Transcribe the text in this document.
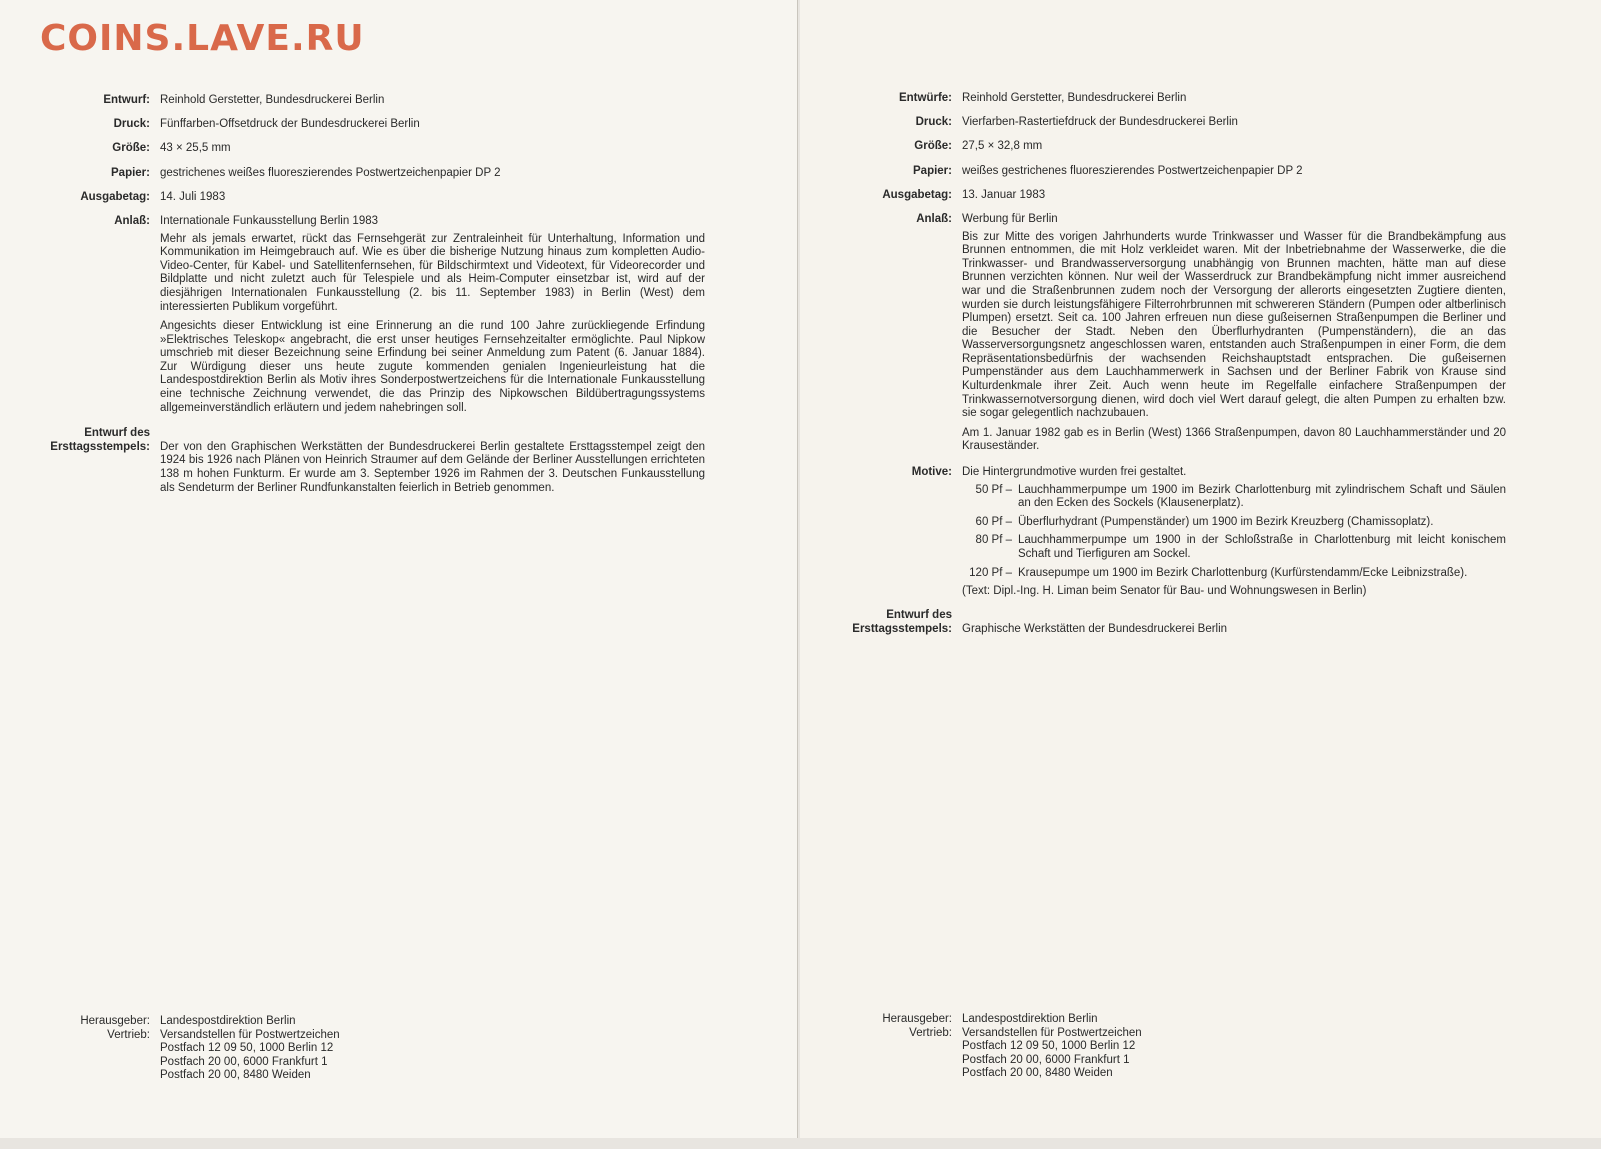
COINS.LAVE.RU
Entwurf: Reinhold Gerstetter, Bundesdruckerei Berlin
Druck: Fünffarben-Offsetdruck der Bundesdruckerei Berlin
Größe: 43 × 25,5 mm
Papier: gestrichenes weißes fluoreszierendes Postwertzeichenpapier DP 2
Ausgabetag: 14. Juli 1983
Anlaß: Internationale Funkausstellung Berlin 1983

Mehr als jemals erwartet, rückt das Fernsehgerät zur Zentraleinheit für Unterhaltung, Information und Kommunikation im Heimgebrauch auf. Wie es über die bisherige Nutzung hinaus zum kompletten Audio-Video-Center, für Kabel- und Satellitenfernsehen, für Bildschirmtext und Videotext, für Videorecorder und Bildplatte und nicht zuletzt auch für Telespiele und als Heim-Computer einsetzbar ist, wird auf der diesjährigen Internationalen Funkausstellung (2. bis 11. September 1983) in Berlin (West) dem interessierten Publikum vorgeführt.

Angesichts dieser Entwicklung ist eine Erinnerung an die rund 100 Jahre zurückliegende Erfindung »Elektrisches Teleskop« angebracht, die erst unser heutiges Fernsehzeitalter ermöglichte. Paul Nipkow umschrieb mit dieser Bezeichnung seine Erfindung bei seiner Anmeldung zum Patent (6. Januar 1884). Zur Würdigung dieser uns heute zugute kommenden genialen Ingenieurleistung hat die Landespostdirektion Berlin als Motiv ihres Sonderpostwertzeichens für die Internationale Funkausstellung eine technische Zeichnung verwendet, die das Prinzip des Nipkowschen Bildübertragungssystems allgemeinverständlich erläutern und jedem nahebringen soll.

Entwurf des
Ersttagsstempels: Der von den Graphischen Werkstätten der Bundesdruckerei Berlin gestaltete Ersttagsstempel zeigt den 1924 bis 1926 nach Plänen von Heinrich Straumer auf dem Gelände der Berliner Ausstellungen errichteten 138 m hohen Funkturm. Er wurde am 3. September 1926 im Rahmen der 3. Deutschen Funkausstellung als Sendeturm der Berliner Rundfunkanstalten feierlich in Betrieb genommen.
Herausgeber: Landespostdirektion Berlin
Vertrieb: Versandstellen für Postwertzeichen
Postfach 12 09 50, 1000 Berlin 12
Postfach 20 00, 6000 Frankfurt 1
Postfach 20 00, 8480 Weiden
Entwürfe: Reinhold Gerstetter, Bundesdruckerei Berlin
Druck: Vierfarben-Rastertiefdruck der Bundesdruckerei Berlin
Größe: 27,5 × 32,8 mm
Papier: weißes gestrichenes fluoreszierendes Postwertzeichenpapier DP 2
Ausgabetag: 13. Januar 1983
Anlaß: Werbung für Berlin

Bis zur Mitte des vorigen Jahrhunderts wurde Trinkwasser und Wasser für die Brandbekämpfung aus Brunnen entnommen, die mit Holz verkleidet waren. Mit der Inbetriebnahme der Wasserwerke, die die Trinkwasser- und Brandwasserversorgung unabhängig von Brunnen machten, hätte man auf diese Brunnen verzichten können. Nur weil der Wasserdruck zur Brandbekämpfung nicht immer ausreichend war und die Straßenbrunnen zudem noch der Versorgung der allerorts eingesetzten Zugtiere dienten, wurden sie durch leistungsfähigere Filterrohrbrunnen mit schwereren Ständern (Pumpen oder altberlinisch Plumpen) ersetzt. Seit ca. 100 Jahren erfreuen nun diese gußeisernen Straßenpumpen die Berliner und die Besucher der Stadt. Neben den Überflurhydranten (Pumpenständern), die an das Wasserversorgungsnetz angeschlossen waren, entstanden auch Straßenpumpen in einer Form, die dem Repräsentationsbedürfnis der wachsenden Reichshauptstadt entsprachen. Die gußeisernen Pumpenständer aus dem Lauchhammerwerk in Sachsen und der Berliner Fabrik von Krause sind Kulturdenkmale ihrer Zeit. Auch wenn heute im Regelfalle einfachere Straßenpumpen der Trinkwassernotversorgung dienen, wird doch viel Wert darauf gelegt, die alten Pumpen zu erhalten bzw. sie sogar gelegentlich nachzubauen.

Am 1. Januar 1982 gab es in Berlin (West) 1366 Straßenpumpen, davon 80 Lauchhammerständer und 20 Krauseständer.

Motive: Die Hintergrundmotive wurden frei gestaltet.
50 Pf – Lauchhammerpumpe um 1900 im Bezirk Charlottenburg mit zylindrischem Schaft und Säulen an den Ecken des Sockels (Klausenerplatz).
60 Pf – Überflurhydrant (Pumpenständer) um 1900 im Bezirk Kreuzberg (Chamissoplatz).
80 Pf – Lauchhammerpumpe um 1900 in der Schloßstraße in Charlottenburg mit leicht konischem Schaft und Tierfiguren am Sockel.
120 Pf – Krausepumpe um 1900 im Bezirk Charlottenburg (Kurfürstendamm/Ecke Leibnizstraße).
(Text: Dipl.-Ing. H. Liman beim Senator für Bau- und Wohnungswesen in Berlin)
Entwurf des
Ersttagsstempels: Graphische Werkstätten der Bundesdruckerei Berlin
Herausgeber: Landespostdirektion Berlin
Vertrieb: Versandstellen für Postwertzeichen
Postfach 12 09 50, 1000 Berlin 12
Postfach 20 00, 6000 Frankfurt 1
Postfach 20 00, 8480 Weiden
